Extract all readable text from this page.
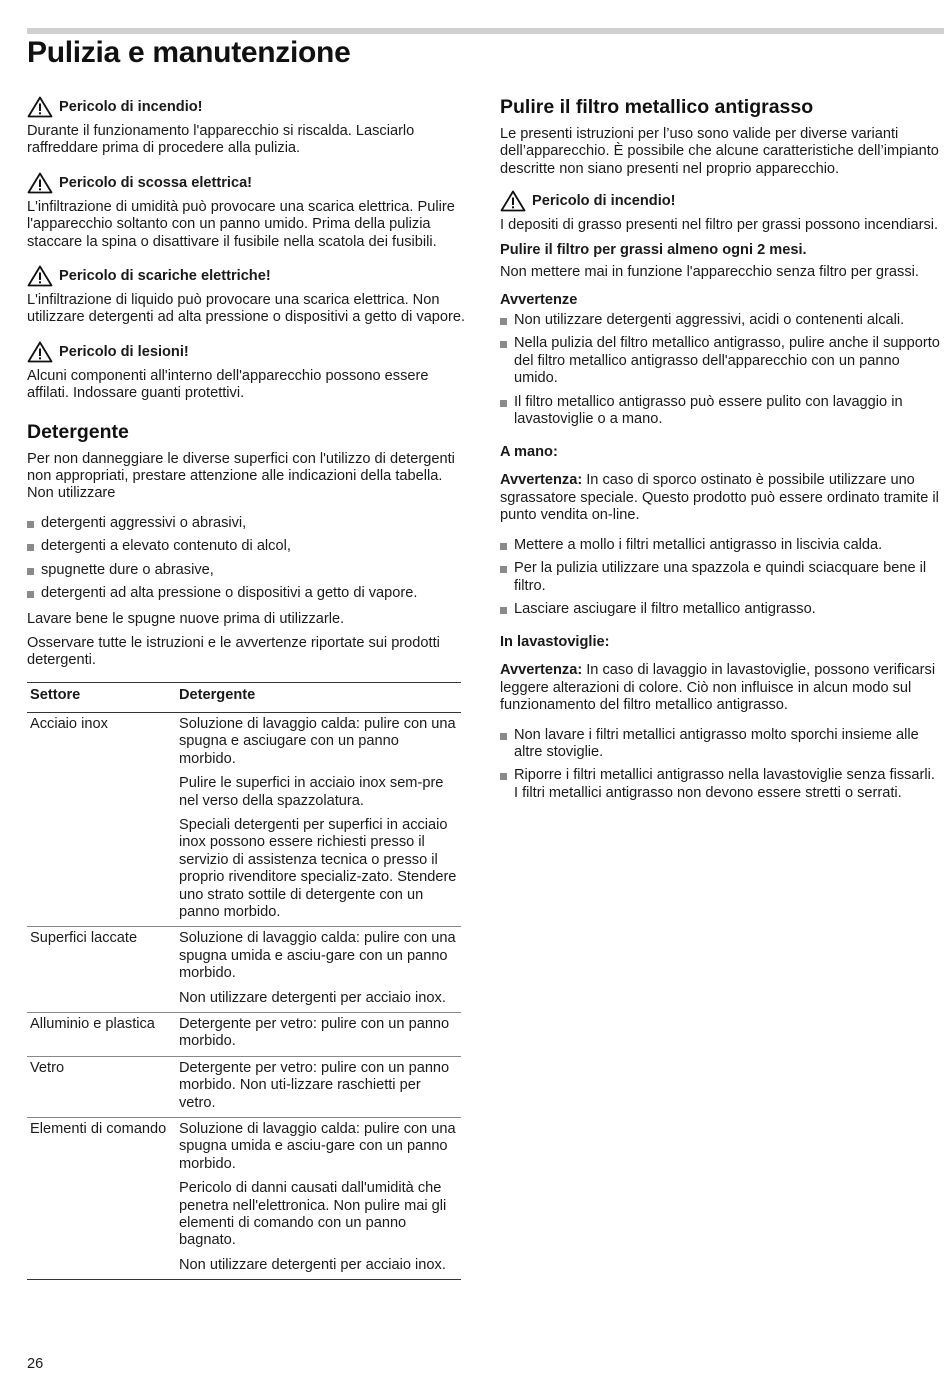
Pulizia e manutenzione
Pericolo di incendio!

Durante il funzionamento l'apparecchio si riscalda. Lasciarlo raffreddare prima di procedere alla pulizia.

Pericolo di scossa elettrica!

L'infiltrazione di umidità può provocare una scarica elettrica. Pulire l'apparecchio soltanto con un panno umido. Prima della pulizia staccare la spina o disattivare il fusibile nella scatola dei fusibili.

Pericolo di scariche elettriche!

L'infiltrazione di liquido può provocare una scarica elettrica. Non utilizzare detergenti ad alta pressione o dispositivi a getto di vapore.

Pericolo di lesioni!

Alcuni componenti all'interno dell'apparecchio possono essere affilati. Indossare guanti protettivi.

Detergente

Per non danneggiare le diverse superfici con l'utilizzo di detergenti non appropriati, prestare attenzione alle indicazioni della tabella. Non utilizzare

detergenti aggressivi o abrasivi,
detergenti a elevato contenuto di alcol,
spugnette dure o abrasive,
detergenti ad alta pressione o dispositivi a getto di vapore.

Lavare bene le spugne nuove prima di utilizzarle.

Osservare tutte le istruzioni e le avvertenze riportate sui prodotti detergenti.

Settore	Detergente
Acciaio inox	Soluzione di lavaggio calda: pulire con una spugna e asciugare con un panno morbido.

Pulire le superfici in acciaio inox sem-pre nel verso della spazzolatura.

Speciali detergenti per superfici in acciaio inox possono essere richiesti presso il servizio di assistenza tecnica o presso il proprio rivenditore specializ-zato. Stendere uno strato sottile di detergente con un panno morbido.

Superfici laccate	Soluzione di lavaggio calda: pulire con una spugna umida e asciu-gare con un panno morbido.

Non utilizzare detergenti per acciaio inox.

Alluminio e plastica	Detergente per vetro: pulire con un panno morbido.

Vetro	Detergente per vetro: pulire con un panno morbido. Non uti-lizzare raschietti per vetro.

Elementi di comando	Soluzione di lavaggio calda: pulire con una spugna umida e asciu-gare con un panno morbido.

Pericolo di danni causati dall'umidità che penetra nell'elettronica. Non pulire mai gli elementi di comando con un panno bagnato.

Non utilizzare detergenti per acciaio inox.

Pulire il filtro metallico antigrasso

Le presenti istruzioni per l’uso sono valide per diverse varianti dell’apparecchio. È possibile che alcune caratteristiche dell’impianto descritte non siano presenti nel proprio apparecchio.

Pericolo di incendio!

I depositi di grasso presenti nel filtro per grassi possono incendiarsi.

Pulire il filtro per grassi almeno ogni 2 mesi.

Non mettere mai in funzione l'apparecchio senza filtro per grassi.

Avvertenze
Non utilizzare detergenti aggressivi, acidi o contenenti alcali.
Nella pulizia del filtro metallico antigrasso, pulire anche il supporto del filtro metallico antigrasso dell'apparecchio con un panno umido.
Il filtro metallico antigrasso può essere pulito con lavaggio in lavastoviglie o a mano.
A mano:

Avvertenza: In caso di sporco ostinato è possibile utilizzare uno sgrassatore speciale. Questo prodotto può essere ordinato tramite il punto vendita on-line.

Mettere a mollo i filtri metallici antigrasso in liscivia calda.
Per la pulizia utilizzare una spazzola e quindi sciacquare bene il filtro.
Lasciare asciugare il filtro metallico antigrasso.
In lavastoviglie:

Avvertenza: In caso di lavaggio in lavastoviglie, possono verificarsi leggere alterazioni di colore. Ciò non influisce in alcun modo sul funzionamento del filtro metallico antigrasso.

Non lavare i filtri metallici antigrasso molto sporchi insieme alle altre stoviglie.
Riporre i filtri metallici antigrasso nella lavastoviglie senza fissarli. I filtri metallici antigrasso non devono essere stretti o serrati.
26
